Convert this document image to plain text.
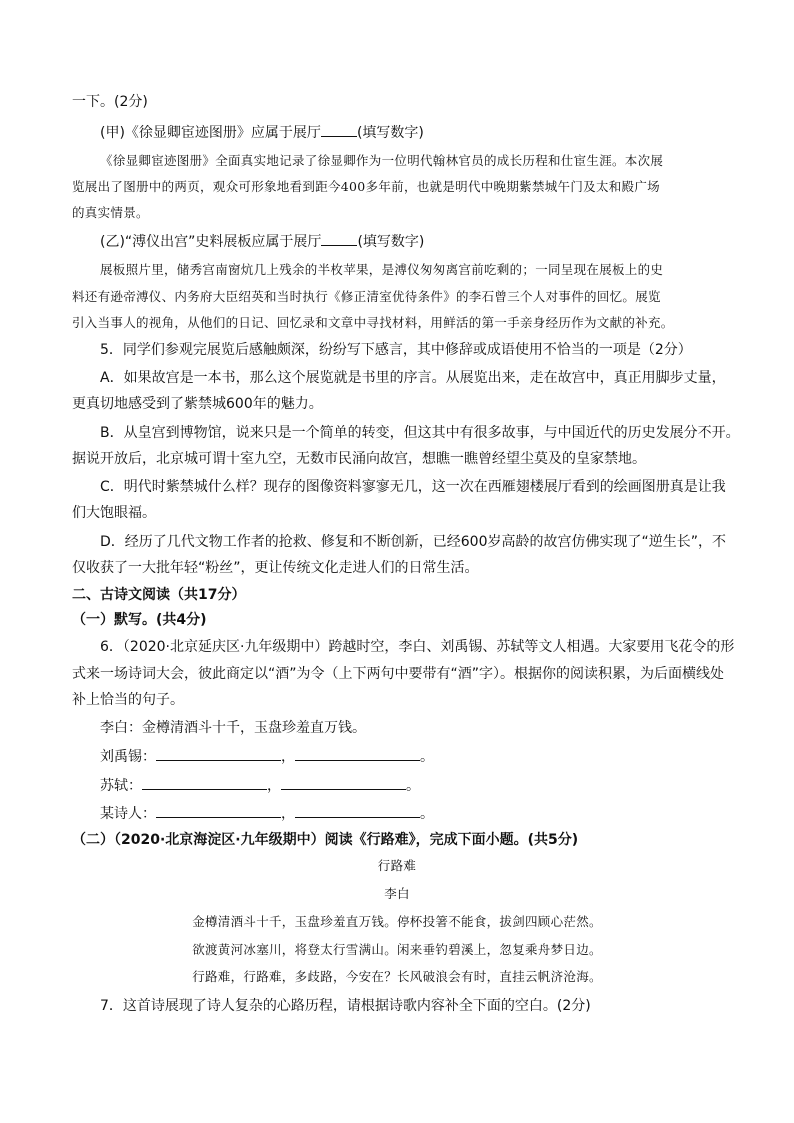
一下。(2分)
(甲)《徐显卿宦迹图册》应属于展厅	(填写数字)
《徐显卿宦迹图册》全面真实地记录了徐显卿作为一位明代翰林官员的成长历程和仕宦生涯。本次展
览展出了图册中的两页，观众可形象地看到距今400多年前，也就是明代中晚期紫禁城午门及太和殿广场
的真实情景。
(乙)“溥仪出宫”史料展板应属于展厅	(填写数字)
展板照片里，储秀宫南窗炕几上残余的半枚苹果，是溥仪匆匆离宫前吃剩的；一同呈现在展板上的史
料还有逊帝溥仪、内务府大臣绍英和当时执行《修正清室优待条件》的李石曾三个人对事件的回忆。展览
引入当事人的视角，从他们的日记、回忆录和文章中寻找材料，用鲜活的第一手亲身经历作为文献的补充。
5．同学们参观完展览后感触颇深，纷纷写下感言，其中修辞或成语使用不恰当的一项是（2分）
A．如果故宫是一本书，那么这个展览就是书里的序言。从展览出来，走在故宫中，真正用脚步丈量，
更真切地感受到了紫禁城600年的魅力。
B．从皇宫到博物馆，说来只是一个简单的转变，但这其中有很多故事，与中国近代的历史发展分不开。
据说开放后，北京城可谓十室九空，无数市民涌向故宫，想瞧一瞧曾经望尘莫及的皇家禁地。
C．明代时紫禁城什么样？现存的图像资料寥寥无几，这一次在西雁翅楼展厅看到的绘画图册真是让我
们大饱眼福。
D．经历了几代文物工作者的抢救、修复和不断创新，已经600岁高龄的故宫仿佛实现了“逆生长”，不
仅收获了一大批年轻“粉丝”，更让传统文化走进人们的日常生活。
二、古诗文阅读（共17分）
（一）默写。(共4分)
6．（2020·北京延庆区·九年级期中）跨越时空，李白、刘禹锡、苏轼等文人相遇。大家要用飞花令的形
式来一场诗词大会，彼此商定以“酒”为令（上下两句中要带有“酒”字）。根据你的阅读积累，为后面横线处
补上恰当的句子。
李白：金樽清酒斗十千，玉盘珍羞直万钱。
刘禹锡：	，	。
苏轼：	，	。
某诗人：	，	。
（二）（2020·北京海淀区·九年级期中）阅读《行路难》，完成下面小题。(共5分)
行路难
李白
金樽清酒斗十千，玉盘珍羞直万钱。停杯投箸不能食，拔剑四顾心茫然。
欲渡黄河冰塞川，将登太行雪满山。闲来垂钓碧溪上，忽复乘舟梦日边。
行路难，行路难，多歧路，今安在？长风破浪会有时，直挂云帆济沧海。
7．这首诗展现了诗人复杂的心路历程，请根据诗歌内容补全下面的空白。(2分)
